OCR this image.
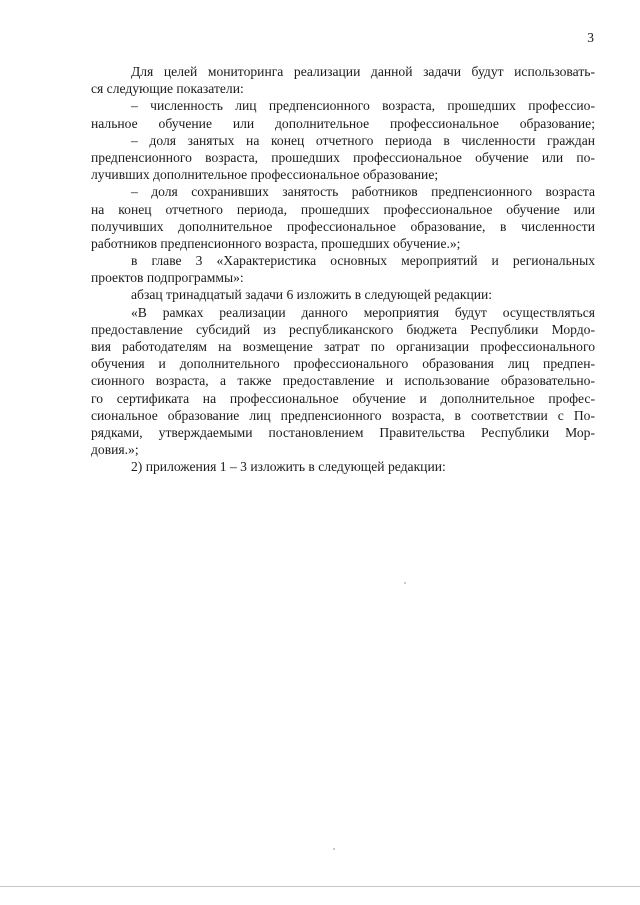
3
Для целей мониторинга реализации данной задачи будут использовать-
ся следующие показатели:
– численность лиц предпенсионного возраста, прошедших профессио-
нальное обучение или дополнительное профессиональное образование;
– доля занятых на конец отчетного периода в численности граждан
предпенсионного возраста, прошедших профессиональное обучение или по-
лучивших дополнительное профессиональное образование;
– доля сохранивших занятость работников предпенсионного возраста
на конец отчетного периода, прошедших профессиональное обучение или
получивших дополнительное профессиональное образование, в численности
работников предпенсионного возраста, прошедших обучение.»;
в главе 3 «Характеристика основных мероприятий и региональных
проектов подпрограммы»:
абзац тринадцатый задачи 6 изложить в следующей редакции:
«В рамках реализации данного мероприятия будут осуществляться
предоставление субсидий из республиканского бюджета Республики Мордо-
вия работодателям на возмещение затрат по организации профессионального
обучения и дополнительного профессионального образования лиц предпен-
сионного возраста, а также предоставление и использование образовательно-
го сертификата на профессиональное обучение и дополнительное профес-
сиональное образование лиц предпенсионного возраста, в соответствии с По-
рядками, утверждаемыми постановлением Правительства Республики Мор-
довия.»;
2) приложения 1 – 3 изложить в следующей редакции:
